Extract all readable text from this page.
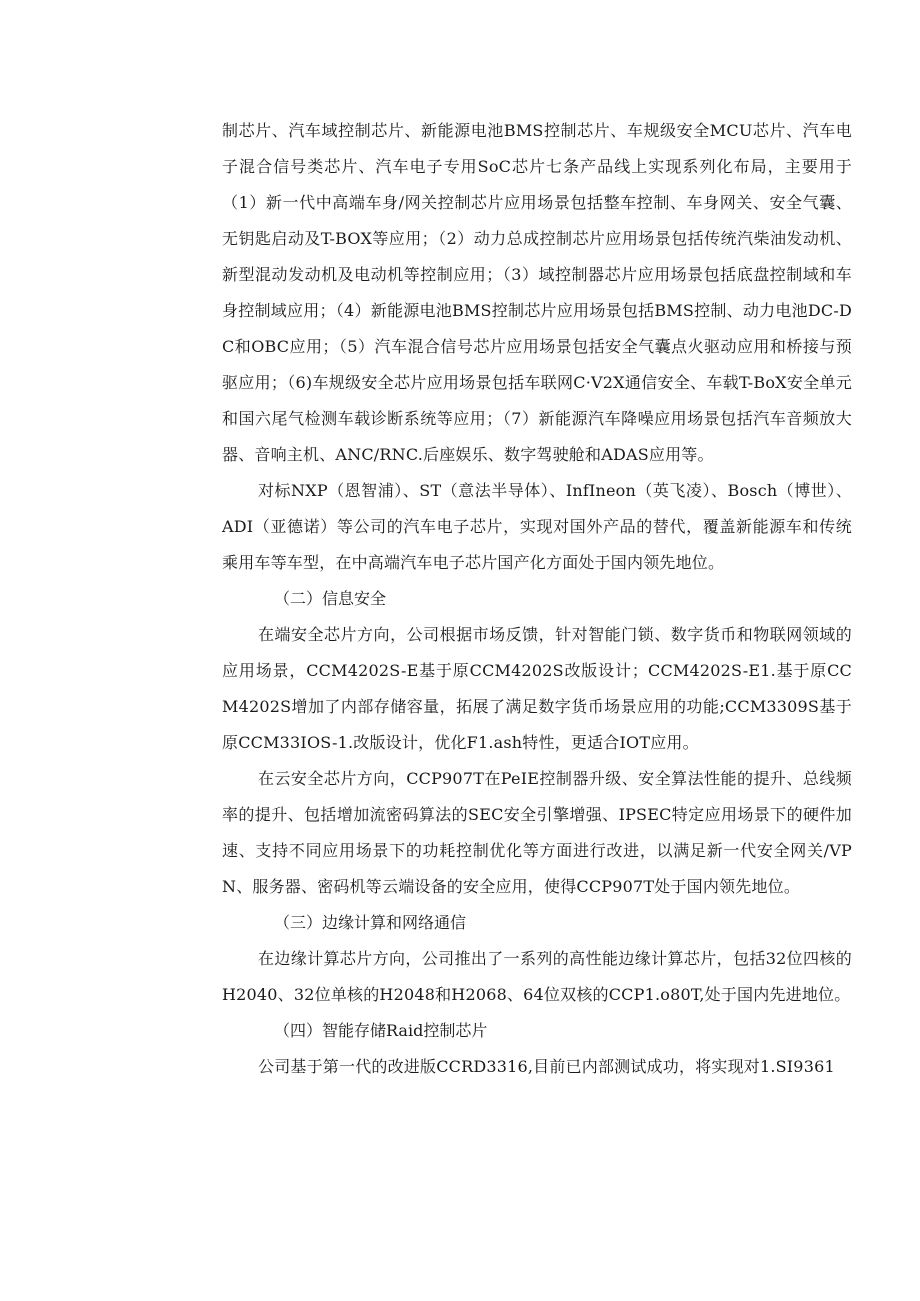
制芯片、汽车域控制芯片、新能源电池BMS控制芯片、车规级安全MCU芯片、汽车电子混合信号类芯片、汽车电子专用SoC芯片七条产品线上实现系列化布局，主要用于（1）新一代中高端车身/网关控制芯片应用场景包括整车控制、车身网关、安全气囊、无钥匙启动及T-BOX等应用；（2）动力总成控制芯片应用场景包括传统汽柴油发动机、新型混动发动机及电动机等控制应用；（3）域控制器芯片应用场景包括底盘控制域和车身控制域应用；（4）新能源电池BMS控制芯片应用场景包括BMS控制、动力电池DC-DC和OBC应用；（5）汽车混合信号芯片应用场景包括安全气囊点火驱动应用和桥接与预驱应用；（6)车规级安全芯片应用场景包括车联网C·V2X通信安全、车载T-BoX安全单元和国六尾气检测车载诊断系统等应用；（7）新能源汽车降噪应用场景包括汽车音频放大器、音响主机、ANC/RNC.后座娱乐、数字驾驶舱和ADAS应用等。

对标NXP（恩智浦）、ST（意法半导体）、InfIneon（英飞凌）、Bosch（博世）、ADI（亚德诺）等公司的汽车电子芯片，实现对国外产品的替代，覆盖新能源车和传统乘用车等车型，在中高端汽车电子芯片国产化方面处于国内领先地位。

（二）信息安全

在端安全芯片方向，公司根据市场反馈，针对智能门锁、数字货币和物联网领域的应用场景，CCM4202S-E基于原CCM4202S改版设计；CCM4202S-E1.基于原CCM4202S增加了内部存储容量，拓展了满足数字货币场景应用的功能;CCM3309S基于原CCM33IOS-1.改版设计，优化F1.ash特性，更适合IOT应用。

在云安全芯片方向，CCP907T在PeIE控制器升级、安全算法性能的提升、总线频率的提升、包括增加流密码算法的SEC安全引擎增强、IPSEC特定应用场景下的硬件加速、支持不同应用场景下的功耗控制优化等方面进行改进，以满足新一代安全网关/VPN、服务器、密码机等云端设备的安全应用，使得CCP907T处于国内领先地位。

（三）边缘计算和网络通信

在边缘计算芯片方向，公司推出了一系列的高性能边缘计算芯片，包括32位四核的H2040、32位单核的H2048和H2068、64位双核的CCP1.o80T,处于国内先进地位。

（四）智能存储Raid控制芯片

公司基于第一代的改进版CCRD3316,目前已内部测试成功，将实现对1.SI9361
